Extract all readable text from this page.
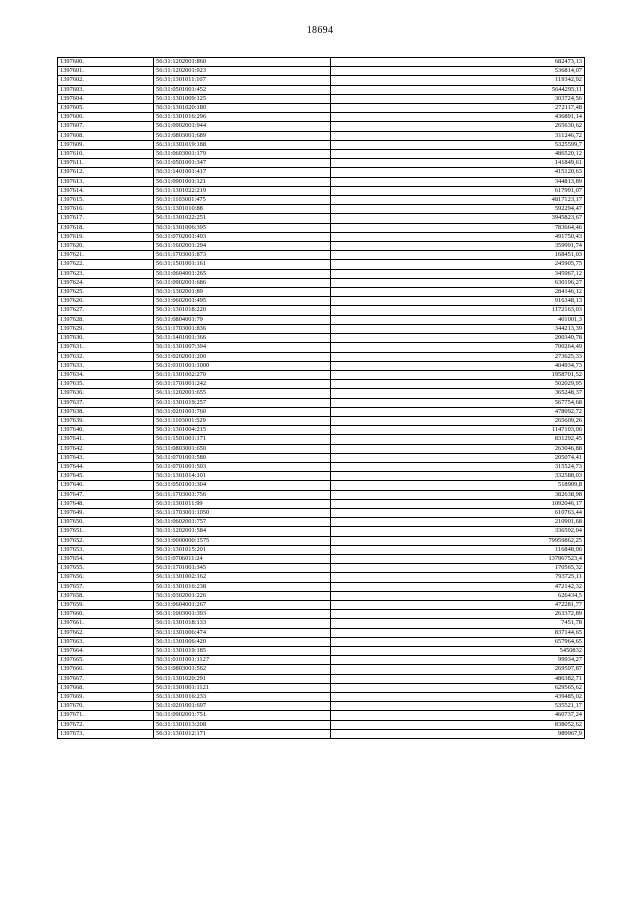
18694
1397600.	56:31:1202001:860	682473,13
1397601.	56:31:1202001:923	536814,07
1397602.	56:31:1301011:107	119342,92
1397603.	56:31:0501001:452	5644295,11
1397604.	56:31:1301009:125	303724,56
1397605.	56:31:1301020:180	272117,48
1397606.	56:31:1301016:296	436891,14
1397607.	56:31:0902001:944	265630,62
1397608.	56:31:0803001:689	311246,72
1397609.	56:31:1301019:188	5325599,7
1397610.	56:31:0603001:179	486520,12
1397611.	56:31:0501001:347	141849,61
1397612.	56:31:1401001:417	415120,63
1397613.	56:31:0901001:121	344813,89
1397614.	56:31:1301022:219	617991,07
1397615.	56:31:1103001:475	4817123,17
1397616.	56:31:1301010:88	592294,47
1397617.	56:31:1301022:251	3945823,67
1397618.	56:31:1301006:395	783664,46
1397619.	56:31:0702001:493	491750,43
1397620.	56:31:1602001:294	359991,74
1397621.	56:31:1703001:873	168451,03
1397622.	56:31:1501001:161	245905,75
1397623.	56:31:0604001:265	345967,12
1397624.	56:31:0902001:686	630196,27
1397625.	56:31:1302001:89	284146,12
1397626.	56:31:0602001:495	916348,13
1397627.	56:31:1301018:220	1172163,03
1397628.	56:31:0804001:79	401001,3
1397629.	56:31:1703001:836	344213,39
1397630.	56:31:1401001:366	200349,78
1397631.	56:31:1301007:394	700264,49
1397632.	56:31:0202001:200	273625,33
1397633.	56:31:0101001:1000	404934,73
1397634.	56:31:1301002:270	1958701,52
1397635.	56:31:1701001:242	502029,95
1397636.	56:31:1202001:655	365248,37
1397637.	56:31:1301019:257	567754,68
1397638.	56:31:0201001:760	478092,72
1397639.	56:31:1103001:529	265609,26
1397640.	56:31:1301004:215	1147103,06
1397641.	56:31:1501001:171	831292,45
1397642.	56:31:0803001:650	263046,88
1397643.	56:31:0701001:580	205074,41
1397644.	56:31:0701001:503	315524,73
1397645.	56:31:1301014:101	332588,03
1397646.	56:31:0501001:304	518909,8
1397647.	56:31:1703001:756	382638,98
1397648.	56:31:1301011:99	1092046,17
1397649.	56:31:1703001:1050	610763,44
1397650.	56:31:0602001:757	210901,68
1397651.	56:31:1202001:584	336592,04
1397652.	56:31:0000000:1575	79959862,25
1397653.	56:31:1301015:201	116848,06
1397654.	56:31:0706011:24	137967523,4
1397655.	56:31:1701001:345	170565,32
1397656.	56:31:1301002:162	793725,11
1397657.	56:31:1301016:238	472142,32
1397658.	56:31:0302001:226	626434,5
1397659.	56:31:0604001:267	472281,77
1397660.	56:31:1003001:393	263372,89
1397661.	56:31:1301018:133	7451,78
1397662.	56:31:1301006:474	837144,65
1397663.	56:31:1301006:420	657964,65
1397664.	56:31:1301019:185	5450832
1397665.	56:31:0101001:1127	99934,27
1397666.	56:31:0803001:562	269597,87
1397667.	56:31:1301020:291	486382,71
1397668.	56:31:1301001:1121	629565,62
1397669.	56:31:1301016:233	439485,02
1397670.	56:31:0201001:697	535521,17
1397671.	56:31:0902001:751	460737,24
1397672.	56:31:1301013:208	838052,62
1397673.	56:31:1301012:171	989967,9
